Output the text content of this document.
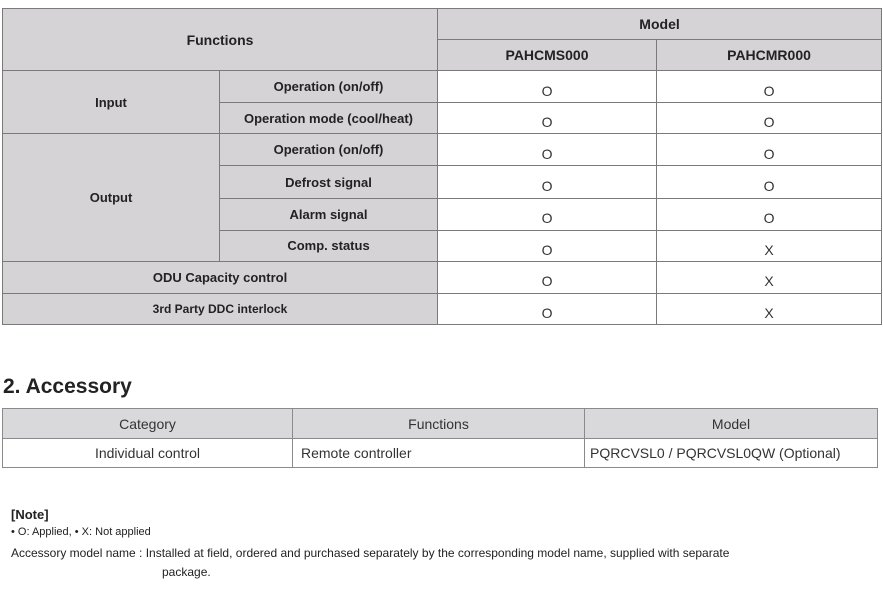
Functions		Model	
		PAHCMS000	PAHCMR000
Input	Operation (on/off)	O	O
	Operation mode (cool/heat)	O	O
Output	Operation (on/off)	O	O
	Defrost signal	O	O
	Alarm signal	O	O
	Comp. status	O	X
ODU Capacity control		O	X
3rd Party DDC interlock		O	X
2. Accessory
Category	Functions	Model
Individual control	Remote controller	PQRCVSL0 / PQRCVSL0QW (Optional)

[Note]

• O: Applied, • X: Not applied

Accessory model name : Installed at field, ordered and purchased separately by the corresponding model name, supplied with separate

package.
